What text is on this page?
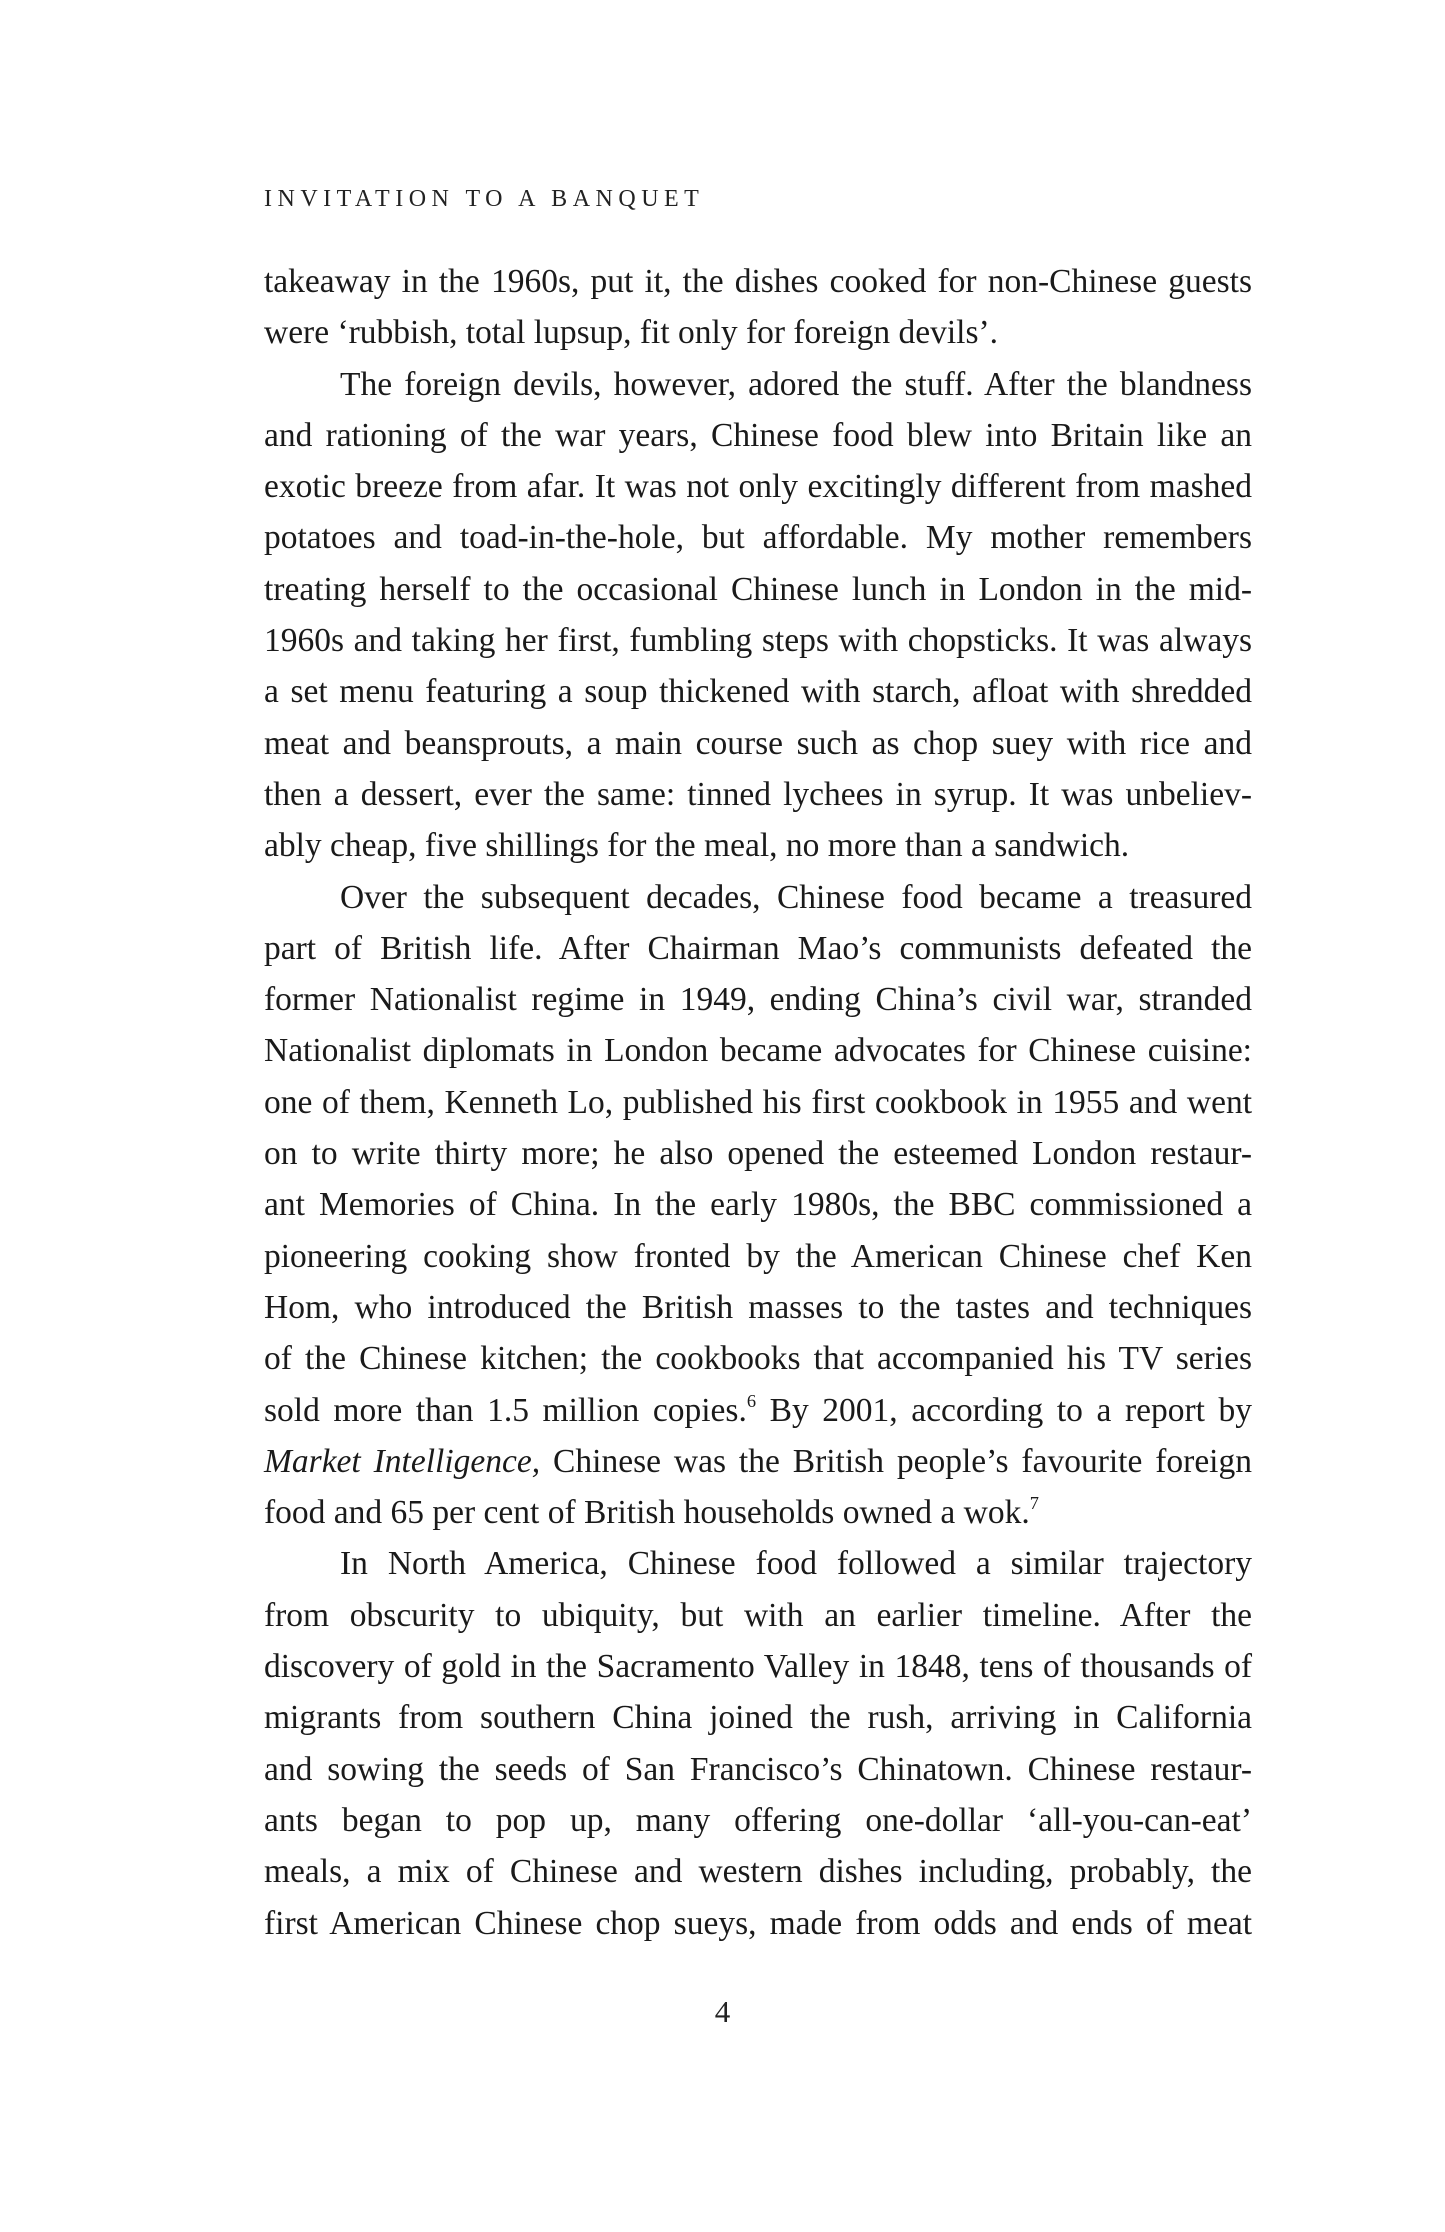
INVITATION TO A BANQUET

takeaway in the 1960s, put it, the dishes cooked for non-Chinese guests
were ‘rubbish, total lupsup, fit only for foreign devils’.

The foreign devils, however, adored the stuff. After the blandness
and rationing of the war years, Chinese food blew into Britain like an
exotic breeze from afar. It was not only excitingly different from mashed
potatoes and toad-in-the-hole, but affordable. My mother remembers
treating herself to the occasional Chinese lunch in London in the mid-
1960s and taking her first, fumbling steps with chopsticks. It was always
a set menu featuring a soup thickened with starch, afloat with shredded
meat and beansprouts, a main course such as chop suey with rice and
then a dessert, ever the same: tinned lychees in syrup. It was unbeliev-
ably cheap, five shillings for the meal, no more than a sandwich.

Over the subsequent decades, Chinese food became a treasured
part of British life. After Chairman Mao’s communists defeated the
former Nationalist regime in 1949, ending China’s civil war, stranded
Nationalist diplomats in London became advocates for Chinese cuisine:
one of them, Kenneth Lo, published his first cookbook in 1955 and went
on to write thirty more; he also opened the esteemed London restaur-
ant Memories of China. In the early 1980s, the BBC commissioned a
pioneering cooking show fronted by the American Chinese chef Ken
Hom, who introduced the British masses to the tastes and techniques
of the Chinese kitchen; the cookbooks that accompanied his TV series
sold more than 1.5 million copies.$^6$ By 2001, according to a report by
Market Intelligence, Chinese was the British people’s favourite foreign
food and 65 per cent of British households owned a wok.$^7$

In North America, Chinese food followed a similar trajectory
from obscurity to ubiquity, but with an earlier timeline. After the
discovery of gold in the Sacramento Valley in 1848, tens of thousands of
migrants from southern China joined the rush, arriving in California
and sowing the seeds of San Francisco’s Chinatown. Chinese restaur-
ants began to pop up, many offering one-dollar ‘all-you-can-eat’
meals, a mix of Chinese and western dishes including, probably, the
first American Chinese chop sueys, made from odds and ends of meat

4
